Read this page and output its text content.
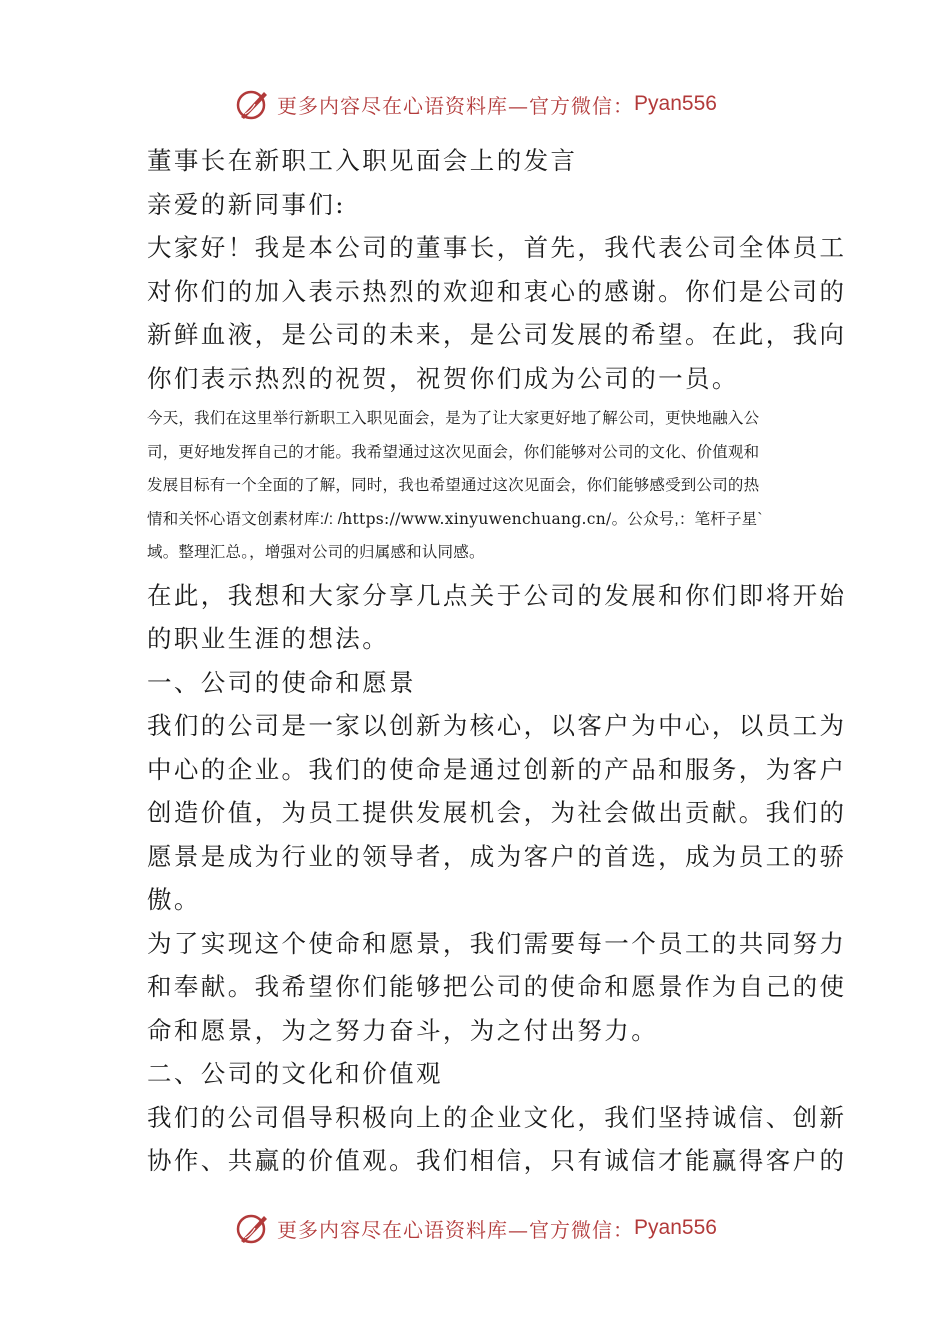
更多内容尽在心语资料库—官方微信： Pyan556

董事长在新职工入职见面会上的发言

亲爱的新同事们:

大家好！我是本公司的董事长，首先，我代表公司全体员工

对你们的加入表示热烈的欢迎和衷心的感谢。你们是公司的

新鲜血液，是公司的未来，是公司发展的希望。在此，我向

你们表示热烈的祝贺，祝贺你们成为公司的一员。

今天，我们在这里举行新职工入职见面会，是为了让大家更好地了解公司，更快地融入公

司，更好地发挥自己的才能。我希望通过这次见面会，你们能够对公司的文化、价值观和

发展目标有一个全面的了解，同时，我也希望通过这次见面会，你们能够感受到公司的热

情和关怀心语文创素材库:/: /https://www.xinyuwenchuang.cn/。公众号,：笔杆子星`

域。整理汇总。，增强对公司的归属感和认同感。

在此，我想和大家分享几点关于公司的发展和你们即将开始

的职业生涯的想法。

一、公司的使命和愿景

我们的公司是一家以创新为核心，以客户为中心，以员工为

中心的企业。我们的使命是通过创新的产品和服务，为客户

创造价值，为员工提供发展机会，为社会做出贡献。我们的

愿景是成为行业的领导者，成为客户的首选，成为员工的骄

傲。

为了实现这个使命和愿景，我们需要每一个员工的共同努力

和奉献。我希望你们能够把公司的使命和愿景作为自己的使

命和愿景，为之努力奋斗，为之付出努力。

二、公司的文化和价值观

我们的公司倡导积极向上的企业文化，我们坚持诚信、创新

协作、共赢的价值观。我们相信，只有诚信才能赢得客户的

更多内容尽在心语资料库—官方微信： Pyan556
